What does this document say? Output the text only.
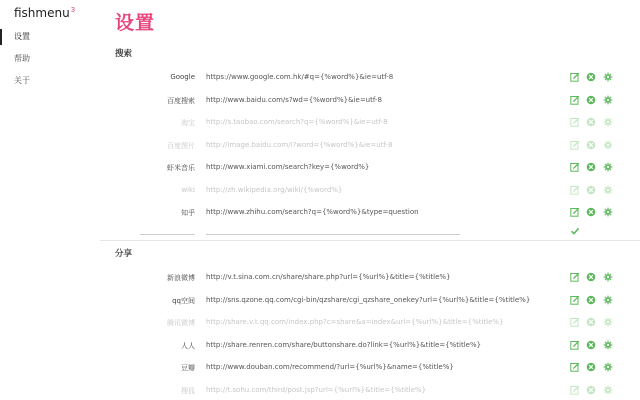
fishmenu$^3$
设置
帮助
关于
设置
搜索
Google https://www.google.com.hk/#q={%word%}&ie=utf-8
百度搜索 http://www.baidu.com/s?wd={%word%}&ie=utf-8
淘宝 http://s.taobao.com/search?q={%word%}&ie=utf-8
百度图片 http://image.baidu.com/i?word={%word%}&ie=utf-8
虾米音乐 http://www.xiami.com/search?key={%word%}
wiki http://zh.wikipedia.org/wiki/{%word%}
知乎 http://www.zhihu.com/search?q={%word%}&type=question
分享
新浪微博 http://v.t.sina.com.cn/share/share.php?url={%url%}&title={%title%}
qq空间 http://sns.qzone.qq.com/cgi-bin/qzshare/cgi_qzshare_onekey?url={%url%}&title={%title%}
腾讯微博 http://share.v.t.qq.com/index.php?c=share&a=index&url={%url%}&title={%title%}
人人 http://share.renren.com/share/buttonshare.do?link={%url%}&title={%title%}
豆瓣 http://www.douban.com/recommend/?url={%url%}&name={%title%}
搜狐 http://t.sohu.com/third/post.jsp?url={%url%}&title={%title%}
